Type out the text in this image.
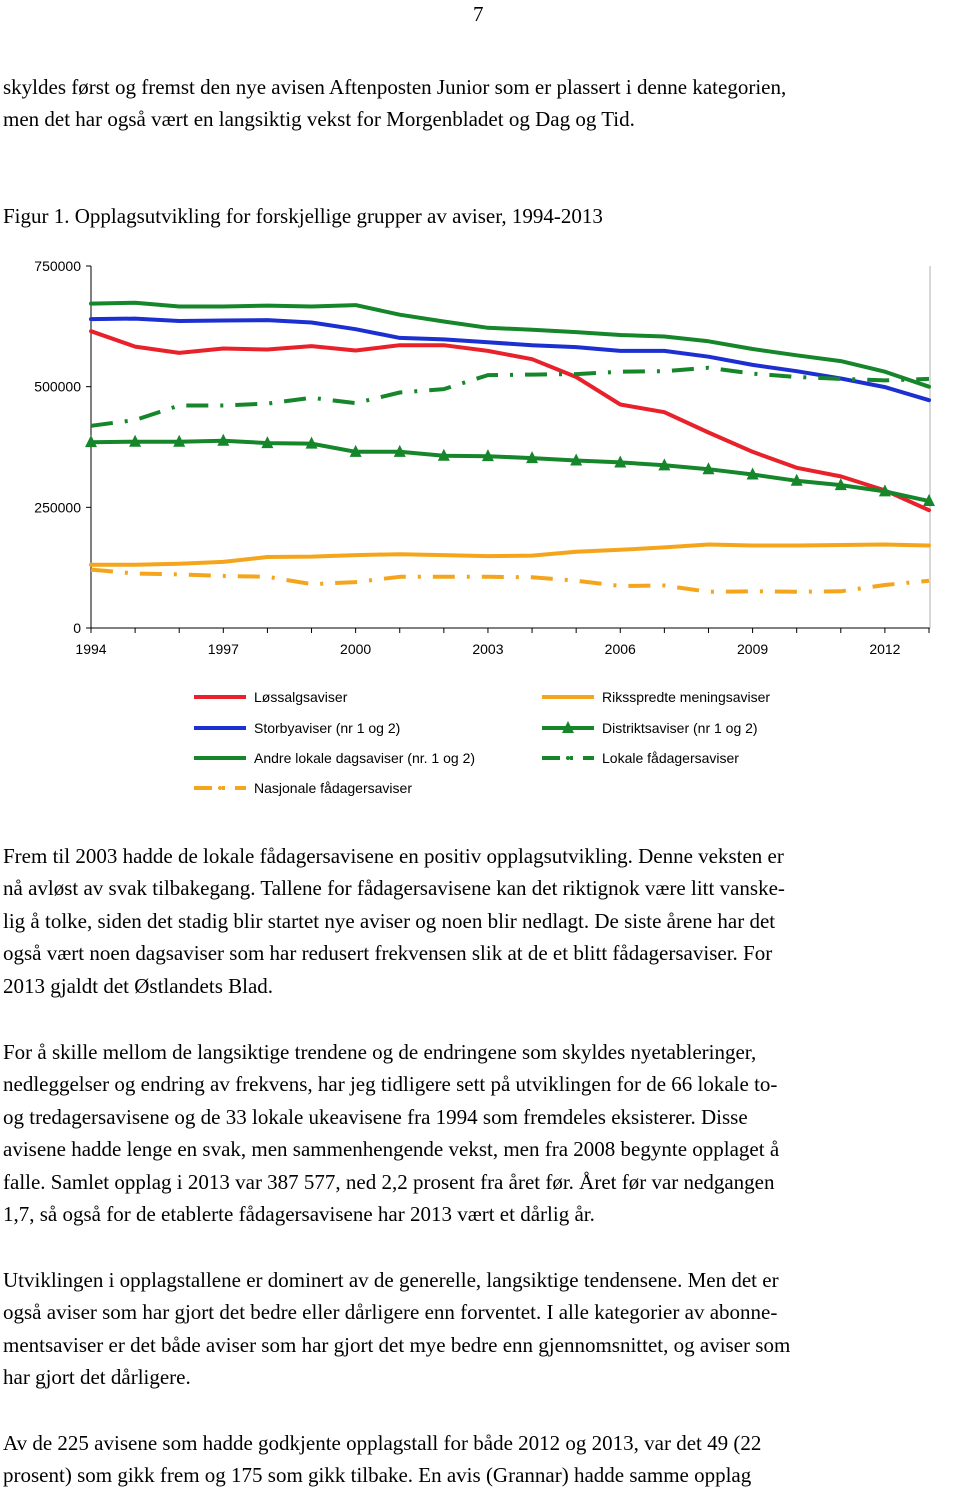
7
skyldes først og fremst den nye avisen Aftenposten Junior som er plassert i denne kategorien,
men det har også vært en langsiktig vekst for Morgenbladet og Dag og Tid.
Figur 1. Opplagsutvikling for forskjellige grupper av aviser, 1994-2013
0
250000
500000
750000
1994	1997	2000	2003	2006	2009	2012
Løssalgsaviser
Storbyaviser (nr 1 og 2)
Andre lokale dagsaviser (nr. 1 og 2)
Nasjonale fådagersaviser
Riksspredte meningsaviser
Distriktsaviser (nr 1 og 2)
Lokale fådagersaviser
Frem til 2003 hadde de lokale fådagersavisene en positiv opplagsutvikling. Denne veksten er
nå avløst av svak tilbakegang. Tallene for fådagersavisene kan det riktignok være litt vanske-
lig å tolke, siden det stadig blir startet nye aviser og noen blir nedlagt. De siste årene har det
også vært noen dagsaviser som har redusert frekvensen slik at de et blitt fådagersaviser. For
2013 gjaldt det Østlandets Blad.
For å skille mellom de langsiktige trendene og de endringene som skyldes nyetableringer,
nedleggelser og endring av frekvens, har jeg tidligere sett på utviklingen for de 66 lokale to-
og tredagersavisene og de 33 lokale ukeavisene fra 1994 som fremdeles eksisterer. Disse
avisene hadde lenge en svak, men sammenhengende vekst, men fra 2008 begynte opplaget å
falle. Samlet opplag i 2013 var 387 577, ned 2,2 prosent fra året før. Året før var nedgangen
1,7, så også for de etablerte fådagersavisene har 2013 vært et dårlig år.
Utviklingen i opplagstallene er dominert av de generelle, langsiktige tendensene. Men det er
også aviser som har gjort det bedre eller dårligere enn forventet. I alle kategorier av abonne-
mentsaviser er det både aviser som har gjort det mye bedre enn gjennomsnittet, og aviser som
har gjort det dårligere.
Av de 225 avisene som hadde godkjente opplagstall for både 2012 og 2013, var det 49 (22
prosent) som gikk frem og 175 som gikk tilbake. En avis (Grannar) hadde samme opplag
